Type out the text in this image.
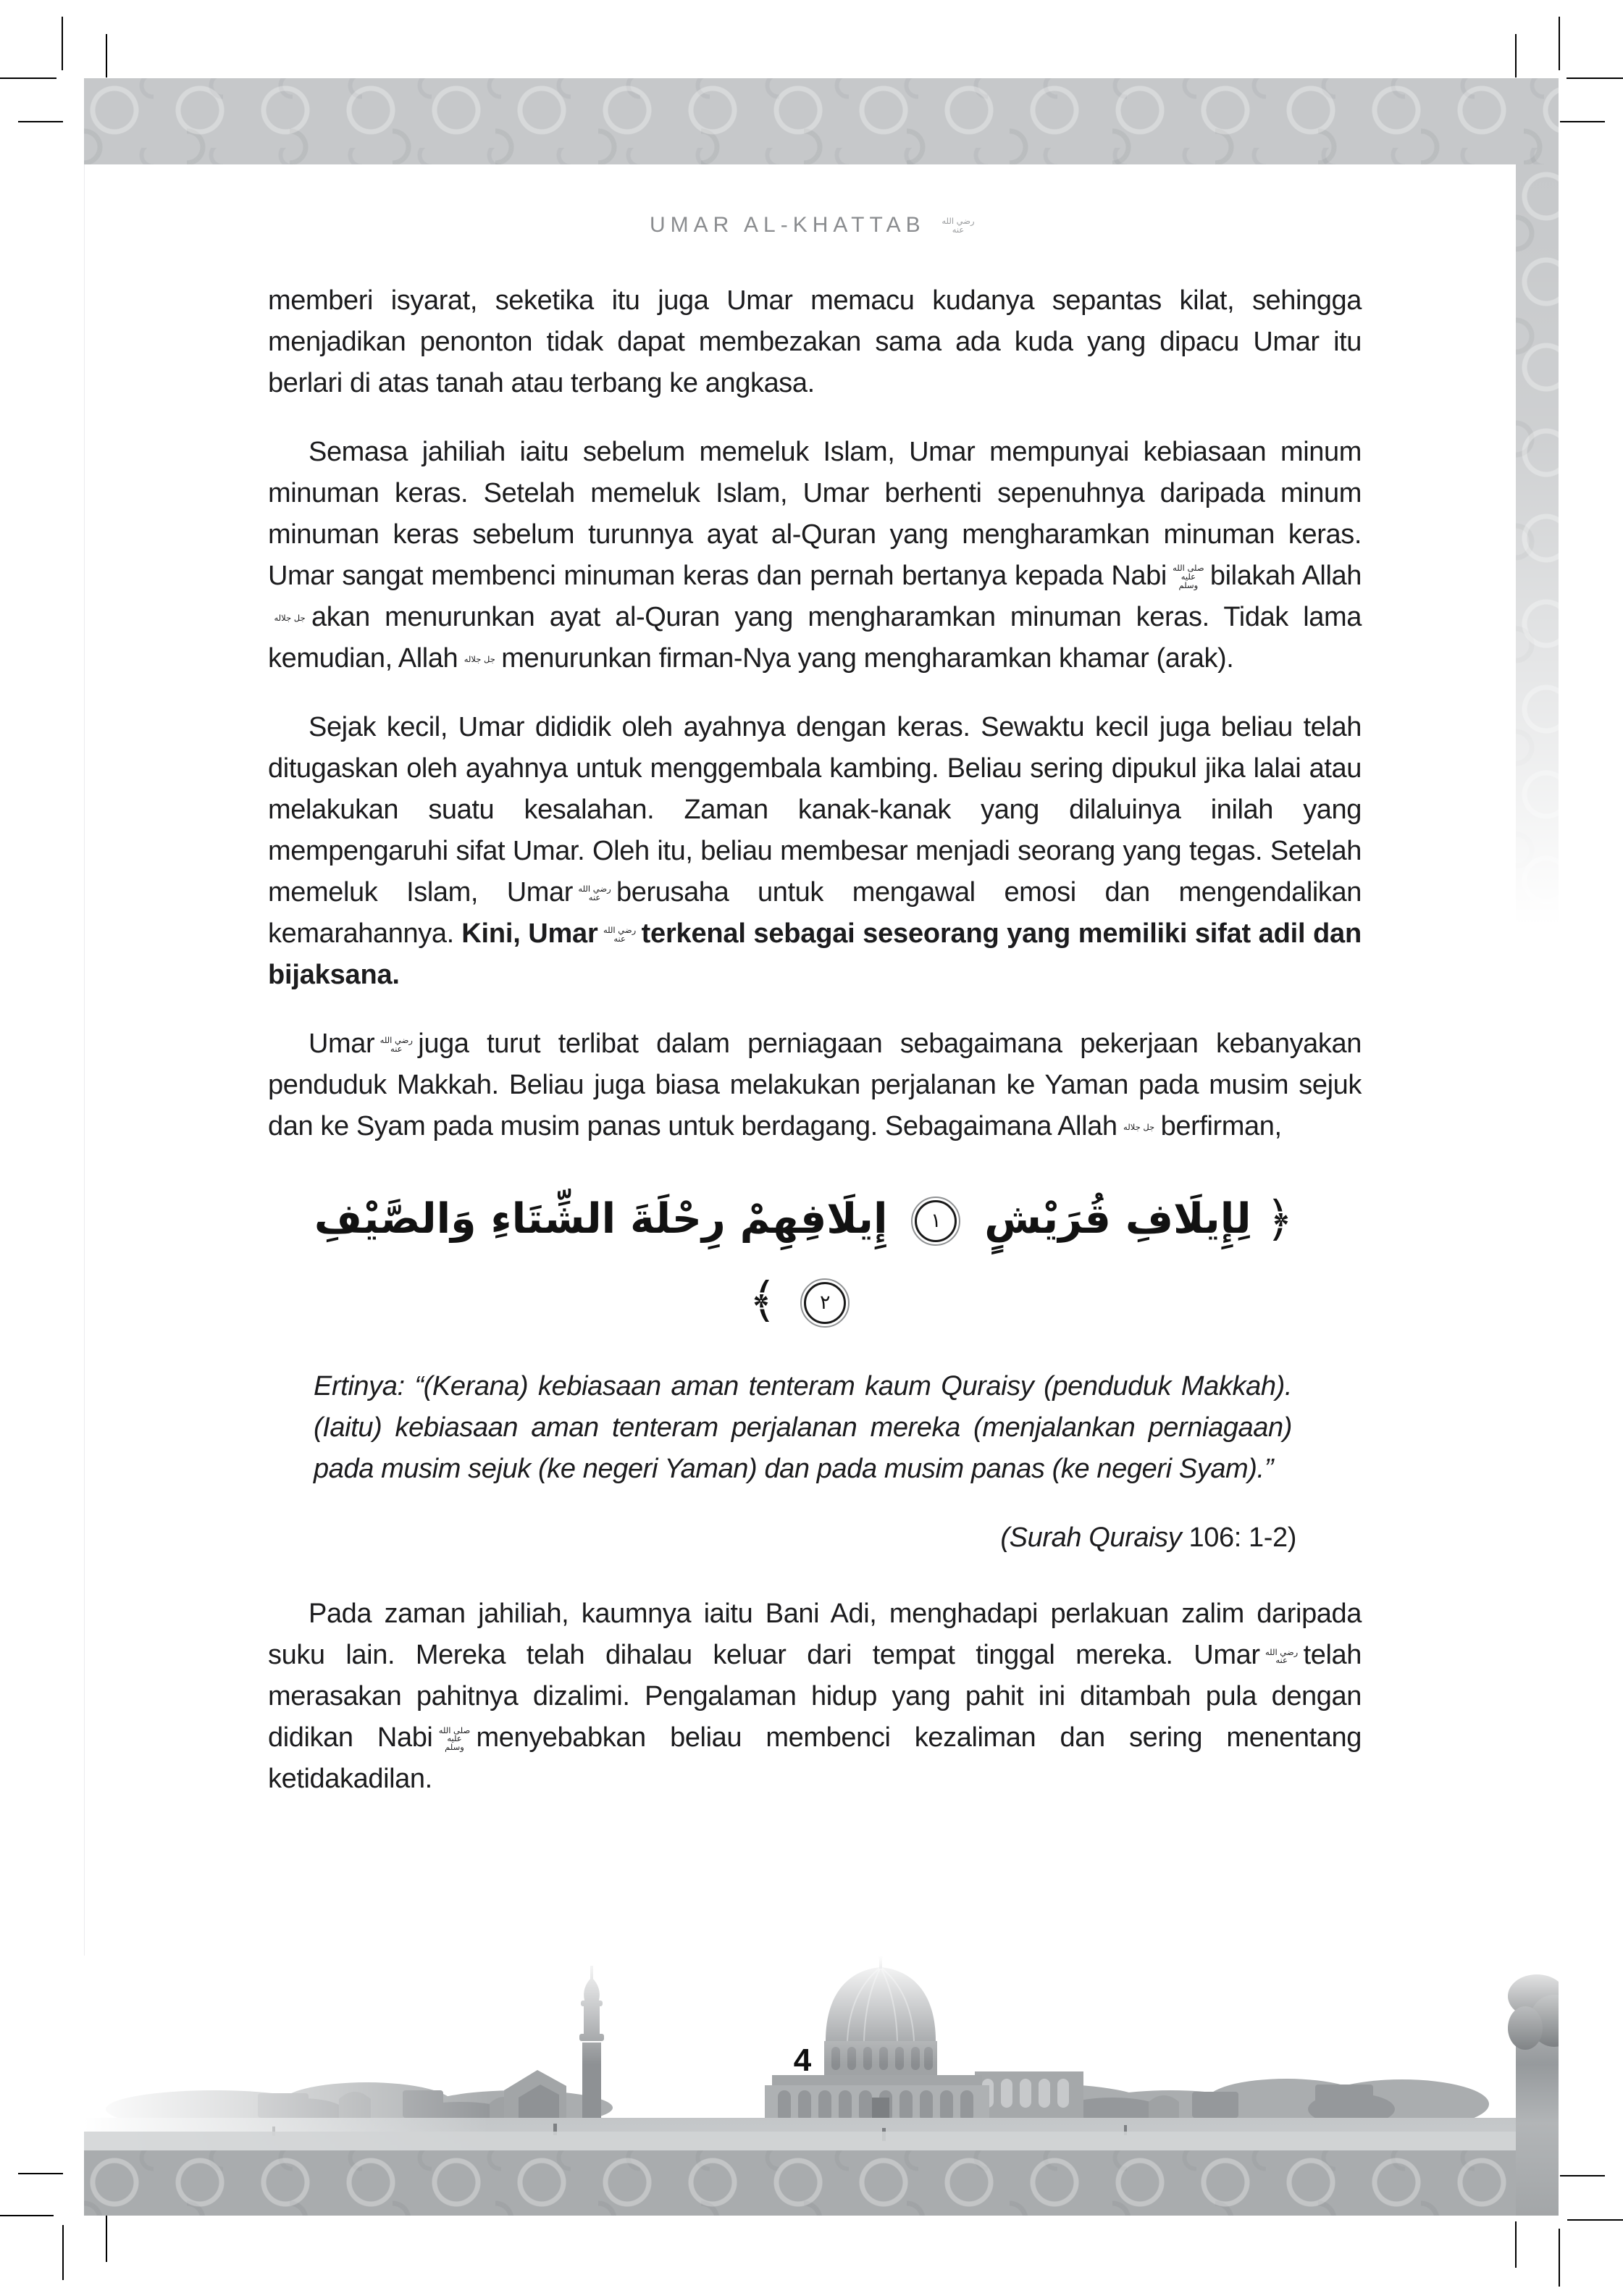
4
UMAR AL-KHATTAB رضي الله عنه

memberi isyarat, seketika itu juga Umar memacu kudanya sepantas kilat, sehingga menjadikan penonton tidak dapat membezakan sama ada kuda yang dipacu Umar itu berlari di atas tanah atau terbang ke angkasa.

Semasa jahiliah iaitu sebelum memeluk Islam, Umar mempunyai kebiasaan minum minuman keras. Setelah memeluk Islam, Umar berhenti sepenuhnya daripada minum minuman keras sebelum turunnya ayat al-Quran yang mengharamkan minuman keras. Umar sangat membenci minuman keras dan pernah bertanya kepada Nabi صلى الله عليه وسلم bilakah Allahجل جلاله akan menurunkan ayat al-Quran yang mengharamkan minuman keras. Tidak lama kemudian, Allah جل جلاله menurunkan firman-Nya yang mengharamkan khamar (arak).

Sejak kecil, Umar dididik oleh ayahnya dengan keras. Sewaktu kecil juga beliau telah ditugaskan oleh ayahnya untuk menggembala kambing. Beliau sering dipukul jika lalai atau melakukan suatu kesalahan. Zaman kanak-kanak yang dilaluinya inilah yang mempengaruhi sifat Umar. Oleh itu, beliau membesar menjadi seorang yang tegas. Setelah memeluk Islam, Umar رضي الله عنه berusaha untuk mengawal emosi dan mengendalikan kemarahannya. Kini, Umar رضي الله عنه terkenal sebagai seseorang yang memiliki sifat adil dan bijaksana.

Umar رضي الله عنه juga turut terlibat dalam perniagaan sebagaimana pekerjaan kebanyakan penduduk Makkah. Beliau juga biasa melakukan perjalanan ke Yaman pada musim sejuk dan ke Syam pada musim panas untuk berdagang. Sebagaimana Allah جل جلاله berfirman,

﴿ لِإِيلَافِ قُرَيْشٍ ١ إِيلَافِهِمْ رِحْلَةَ الشِّتَاءِ وَالصَّيْفِ ٢ ﴾

Ertinya: “(Kerana) kebiasaan aman tenteram kaum Quraisy (penduduk Makkah). (Iaitu) kebiasaan aman tenteram perjalanan mereka (menjalankan perniagaan) pada musim sejuk (ke negeri Yaman) dan pada musim panas (ke negeri Syam).”

(Surah Quraisy 106: 1-2)

Pada zaman jahiliah, kaumnya iaitu Bani Adi, menghadapi perlakuan zalim daripada suku lain. Mereka telah dihalau keluar dari tempat tinggal mereka. Umar رضي الله عنه telah merasakan pahitnya dizalimi. Pengalaman hidup yang pahit ini ditambah pula dengan didikan Nabi صلى الله عليه وسلم menyebabkan beliau membenci kezaliman dan sering menentang ketidakadilan.
